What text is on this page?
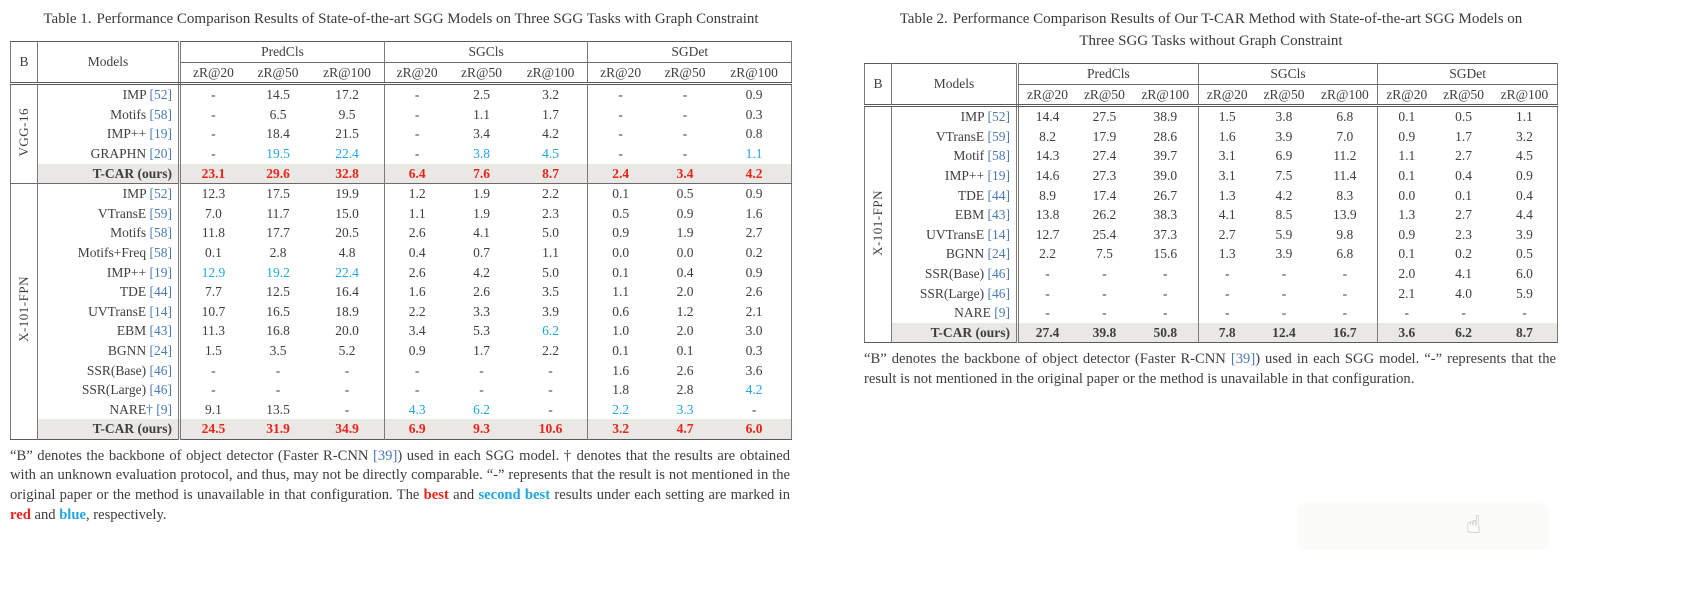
Table 1. Performance Comparison Results of State-of-the-art SGG Models on Three SGG Tasks with Graph Constraint
B	Models	PredCls			SGCls			SGDet		
		zR@20	zR@50	zR@100	zR@20	zR@50	zR@100	zR@20	zR@50	zR@100
VGG-16	IMP [52]	-	14.5	17.2	-	2.5	3.2	-	-	0.9
	Motifs [58]	-	6.5	9.5	-	1.1	1.7	-	-	0.3
	IMP++ [19]	-	18.4	21.5	-	3.4	4.2	-	-	0.8
	GRAPHN [20]	-	19.5	22.4	-	3.8	4.5	-	-	1.1
	T-CAR (ours)	23.1	29.6	32.8	6.4	7.6	8.7	2.4	3.4	4.2
X-101-FPN	IMP [52]	12.3	17.5	19.9	1.2	1.9	2.2	0.1	0.5	0.9
	VTransE [59]	7.0	11.7	15.0	1.1	1.9	2.3	0.5	0.9	1.6
	Motifs [58]	11.8	17.7	20.5	2.6	4.1	5.0	0.9	1.9	2.7
	Motifs+Freq [58]	0.1	2.8	4.8	0.4	0.7	1.1	0.0	0.0	0.2
	IMP++ [19]	12.9	19.2	22.4	2.6	4.2	5.0	0.1	0.4	0.9
	TDE [44]	7.7	12.5	16.4	1.6	2.6	3.5	1.1	2.0	2.6
	UVTransE [14]	10.7	16.5	18.9	2.2	3.3	3.9	0.6	1.2	2.1
	EBM [43]	11.3	16.8	20.0	3.4	5.3	6.2	1.0	2.0	3.0
	BGNN [24]	1.5	3.5	5.2	0.9	1.7	2.2	0.1	0.1	0.3
	SSR(Base) [46]	-	-	-	-	-	-	1.6	2.6	3.6
	SSR(Large) [46]	-	-	-	-	-	-	1.8	2.8	4.2
	NARE† [9]	9.1	13.5	-	4.3	6.2	-	2.2	3.3	-
	T-CAR (ours)	24.5	31.9	34.9	6.9	9.3	10.6	3.2	4.7	6.0
“B” denotes the backbone of object detector (Faster R-CNN [39]) used in each SGG model. † denotes that the results are obtained with an unknown evaluation protocol, and thus, may not be directly comparable. “-” represents that the result is not mentioned in the original paper or the method is unavailable in that configuration. The best and second best results under each setting are marked in red and blue, respectively.
Table 2. Performance Comparison Results of Our T-CAR Method with State-of-the-art SGG Models on Three SGG Tasks without Graph Constraint
B	Models	PredCls			SGCls			SGDet		
		zR@20	zR@50	zR@100	zR@20	zR@50	zR@100	zR@20	zR@50	zR@100
X-101-FPN	IMP [52]	14.4	27.5	38.9	1.5	3.8	6.8	0.1	0.5	1.1
	VTransE [59]	8.2	17.9	28.6	1.6	3.9	7.0	0.9	1.7	3.2
	Motif [58]	14.3	27.4	39.7	3.1	6.9	11.2	1.1	2.7	4.5
	IMP++ [19]	14.6	27.3	39.0	3.1	7.5	11.4	0.1	0.4	0.9
	TDE [44]	8.9	17.4	26.7	1.3	4.2	8.3	0.0	0.1	0.4
	EBM [43]	13.8	26.2	38.3	4.1	8.5	13.9	1.3	2.7	4.4
	UVTransE [14]	12.7	25.4	37.3	2.7	5.9	9.8	0.9	2.3	3.9
	BGNN [24]	2.2	7.5	15.6	1.3	3.9	6.8	0.1	0.2	0.5
	SSR(Base) [46]	-	-	-	-	-	-	2.0	4.1	6.0
	SSR(Large) [46]	-	-	-	-	-	-	2.1	4.0	5.9
	NARE [9]	-	-	-	-	-	-	-	-	-
	T-CAR (ours)	27.4	39.8	50.8	7.8	12.4	16.7	3.6	6.2	8.7
“B” denotes the backbone of object detector (Faster R-CNN [39]) used in each SGG model. “-” represents that the result is not mentioned in the original paper or the method is unavailable in that configuration.
☝
